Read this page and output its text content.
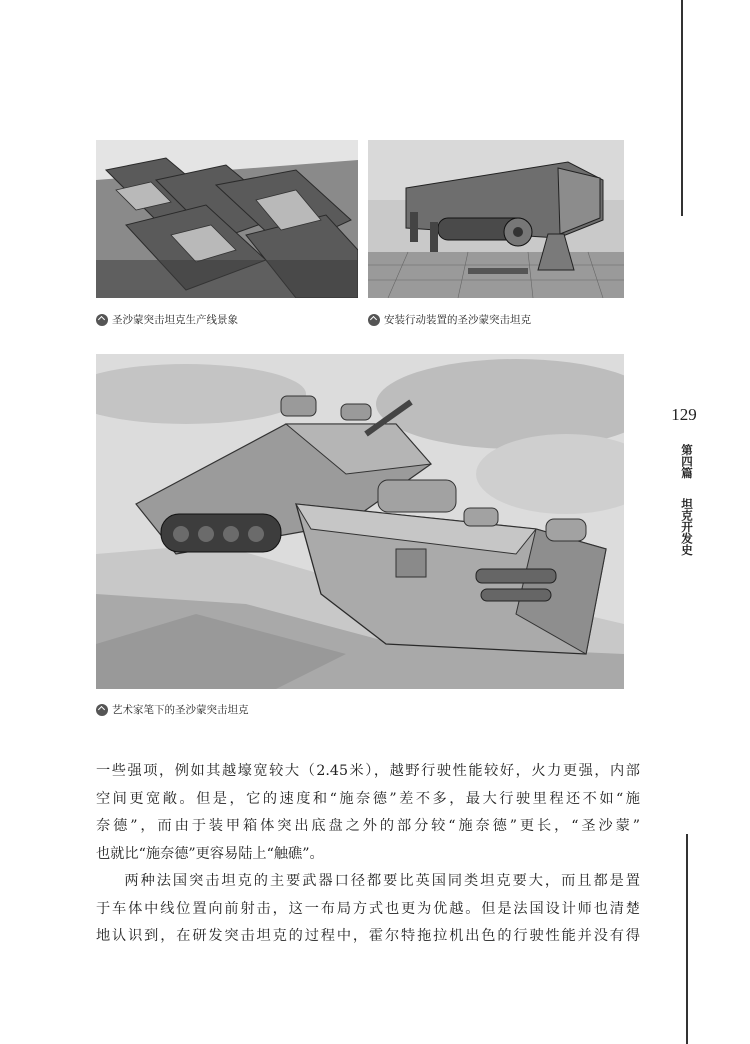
129
第四篇
坦克开发史
圣沙蒙突击坦克生产线景象	安装行动装置的圣沙蒙突击坦克
艺术家笔下的圣沙蒙突击坦克

一些强项，例如其越壕宽较大（2.45米），越野行驶性能较好，火力更强，内部

空间更宽敞。但是，它的速度和“施奈德”差不多，最大行驶里程还不如“施

奈德”，而由于装甲箱体突出底盘之外的部分较“施奈德”更长，“圣沙蒙”

也就比“施奈德”更容易陆上“触礁”。

两种法国突击坦克的主要武器口径都要比英国同类坦克要大，而且都是置

于车体中线位置向前射击，这一布局方式也更为优越。但是法国设计师也清楚

地认识到，在研发突击坦克的过程中，霍尔特拖拉机出色的行驶性能并没有得
